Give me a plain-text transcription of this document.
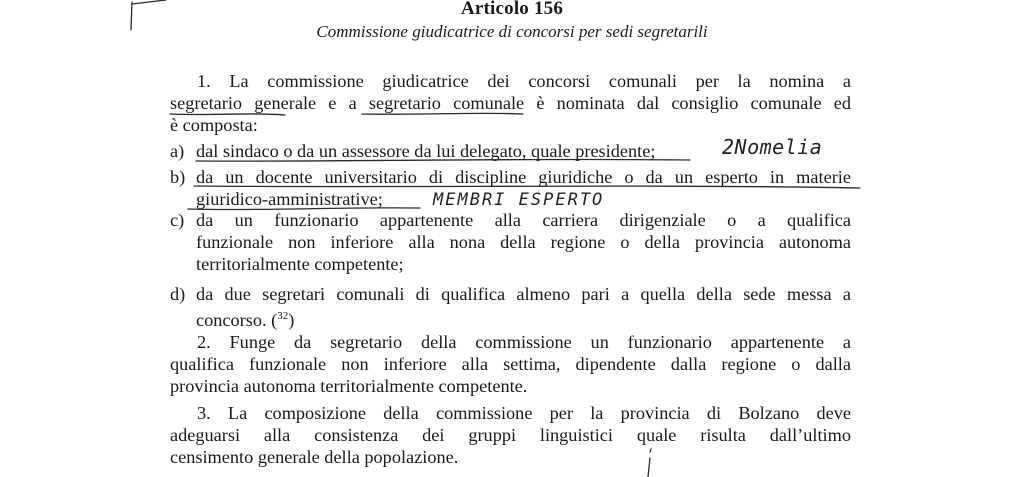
Articolo 156
Commissione giudicatrice di concorsi per sedi segretarili
1. La commissione giudicatrice dei concorsi comunali per la nomina a
segretario generale e a segretario comunale è nominata dal consiglio comunale ed
è composta:
a) dal sindaco o da un assessore da lui delegato, quale presidente;
b) da un docente universitario di discipline giuridiche o da un esperto in materie
giuridico-amministrative;
c) da un funzionario appartenente alla carriera dirigenziale o a qualifica
funzionale non inferiore alla nona della regione o della provincia autonoma
territorialmente competente;
d) da due segretari comunali di qualifica almeno pari a quella della sede messa a
concorso. ($^{32}$)
2. Funge da segretario della commissione un funzionario appartenente a
qualifica funzionale non inferiore alla settima, dipendente dalla regione o dalla
provincia autonoma territorialmente competente.
3. La composizione della commissione per la provincia di Bolzano deve
adeguarsi alla consistenza dei gruppi linguistici quale risulta dall’ultimo
censimento generale della popolazione.
2Nomelia
MEMBRI ESPERTO
